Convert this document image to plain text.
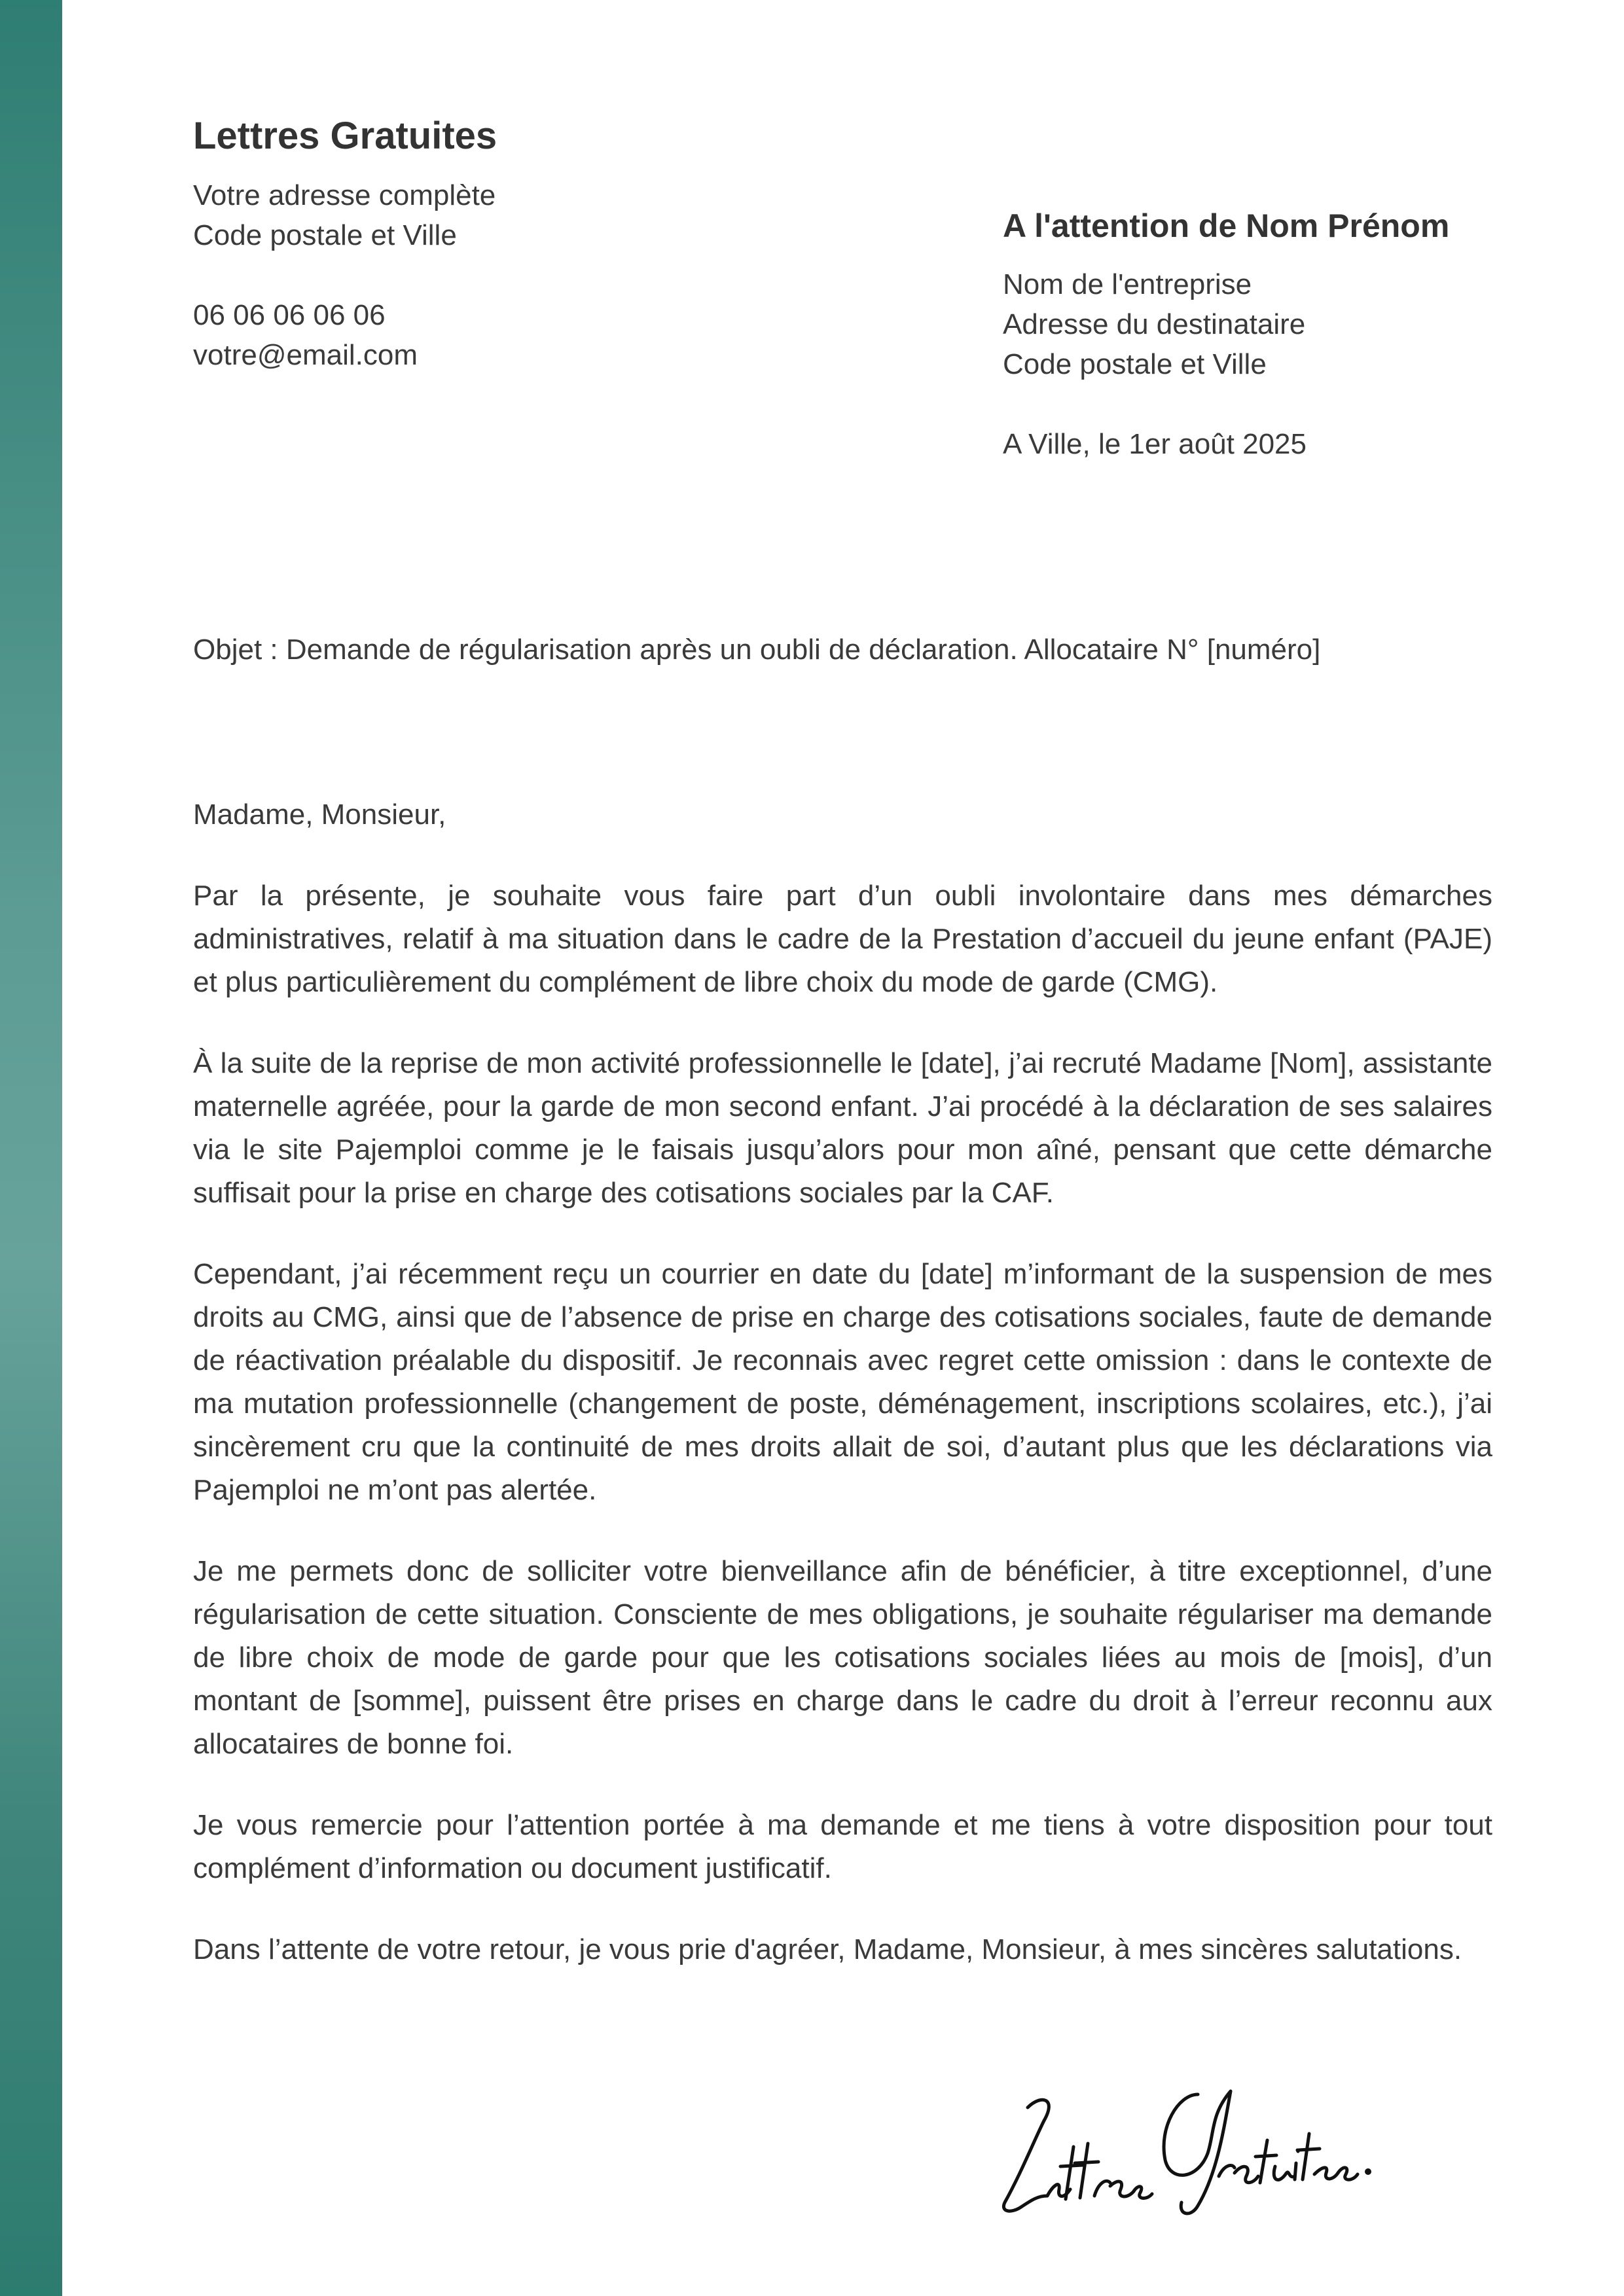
Lettres Gratuites
Votre adresse complète
Code postale et Ville
06 06 06 06 06
votre@email.com
A l'attention de Nom Prénom
Nom de l'entreprise
Adresse du destinataire
Code postale et Ville
A Ville, le 1er août 2025
Objet : Demande de régularisation après un oubli de déclaration. Allocataire N° [numéro]

Madame, Monsieur,

Par la présente, je souhaite vous faire part d’un oubli involontaire dans mes démarches administratives, relatif à ma situation dans le cadre de la Prestation d’accueil du jeune enfant (PAJE) et plus particulièrement du complément de libre choix du mode de garde (CMG).

À la suite de la reprise de mon activité professionnelle le [date], j’ai recruté Madame [Nom], assistante maternelle agréée, pour la garde de mon second enfant. J’ai procédé à la déclaration de ses salaires via le site Pajemploi comme je le faisais jusqu’alors pour mon aîné, pensant que cette démarche suffisait pour la prise en charge des cotisations sociales par la CAF.

Cependant, j’ai récemment reçu un courrier en date du [date] m’informant de la suspension de mes droits au CMG, ainsi que de l’absence de prise en charge des cotisations sociales, faute de demande de réactivation préalable du dispositif. Je reconnais avec regret cette omission : dans le contexte de ma mutation professionnelle (changement de poste, déménagement, inscriptions scolaires, etc.), j’ai sincèrement cru que la continuité de mes droits allait de soi, d’autant plus que les déclarations via Pajemploi ne m’ont pas alertée.

Je me permets donc de solliciter votre bienveillance afin de bénéficier, à titre exceptionnel, d’une régularisation de cette situation. Consciente de mes obligations, je souhaite régulariser ma demande de libre choix de mode de garde pour que les cotisations sociales liées au mois de [mois], d’un montant de [somme], puissent être prises en charge dans le cadre du droit à l’erreur reconnu aux allocataires de bonne foi.

Je vous remercie pour l’attention portée à ma demande et me tiens à votre disposition pour tout complément d’information ou document justificatif.

Dans l’attente de votre retour, je vous prie d'agréer, Madame, Monsieur, à mes sincères salutations.
